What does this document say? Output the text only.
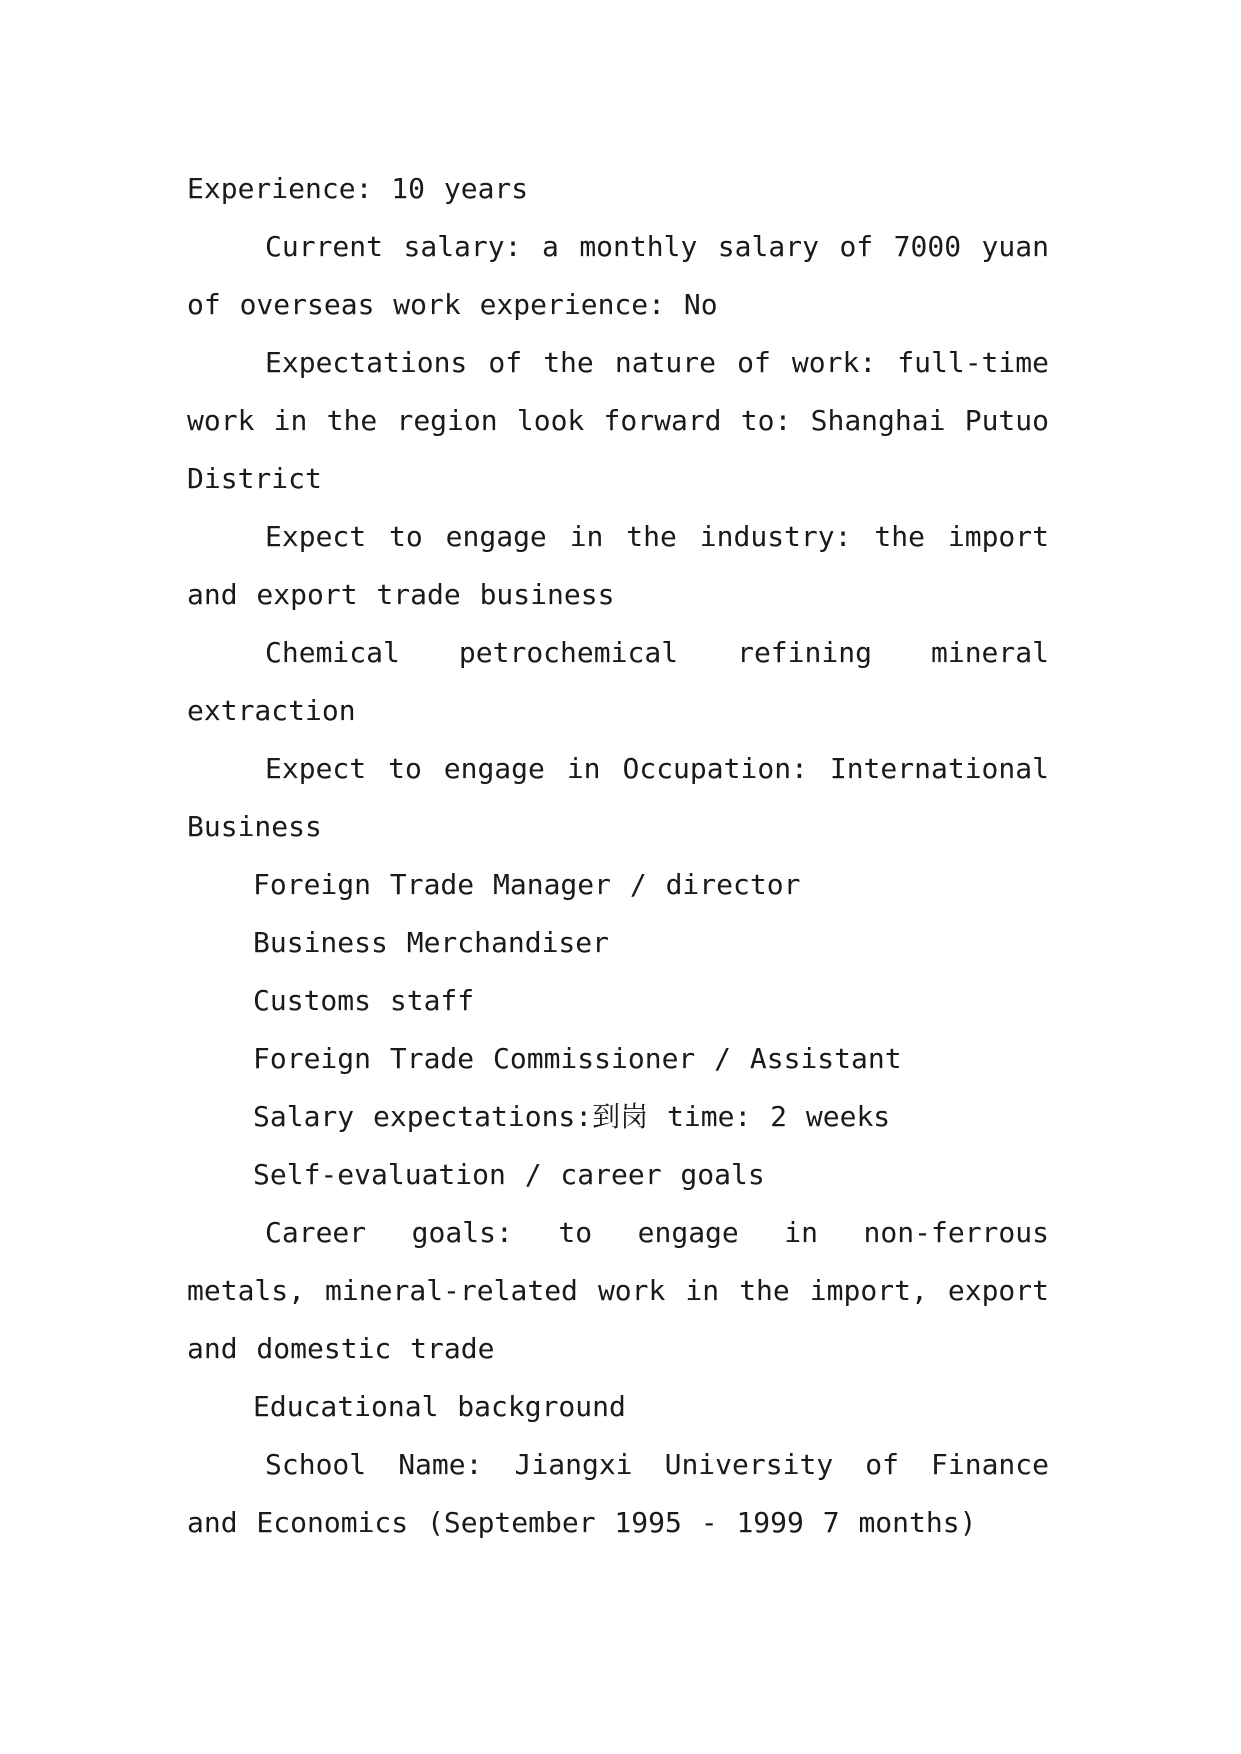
Experience: 10 years

Current salary: a monthly salary of 7000 yuan of overseas work experience: No

Expectations of the nature of work: full-time work in the region look forward to: Shanghai Putuo District

Expect to engage in the industry: the import and export trade business

Chemical petrochemical refining mineral extraction

Expect to engage in Occupation: International Business

Foreign Trade Manager / director

Business Merchandiser

Customs staff

Foreign Trade Commissioner / Assistant

Salary expectations:到岗 time: 2 weeks

Self-evaluation / career goals

Career goals: to engage in non-ferrous metals, mineral-related work in the import, export and domestic trade

Educational background

School Name: Jiangxi University of Finance and Economics (September 1995 - 1999 7 months)
